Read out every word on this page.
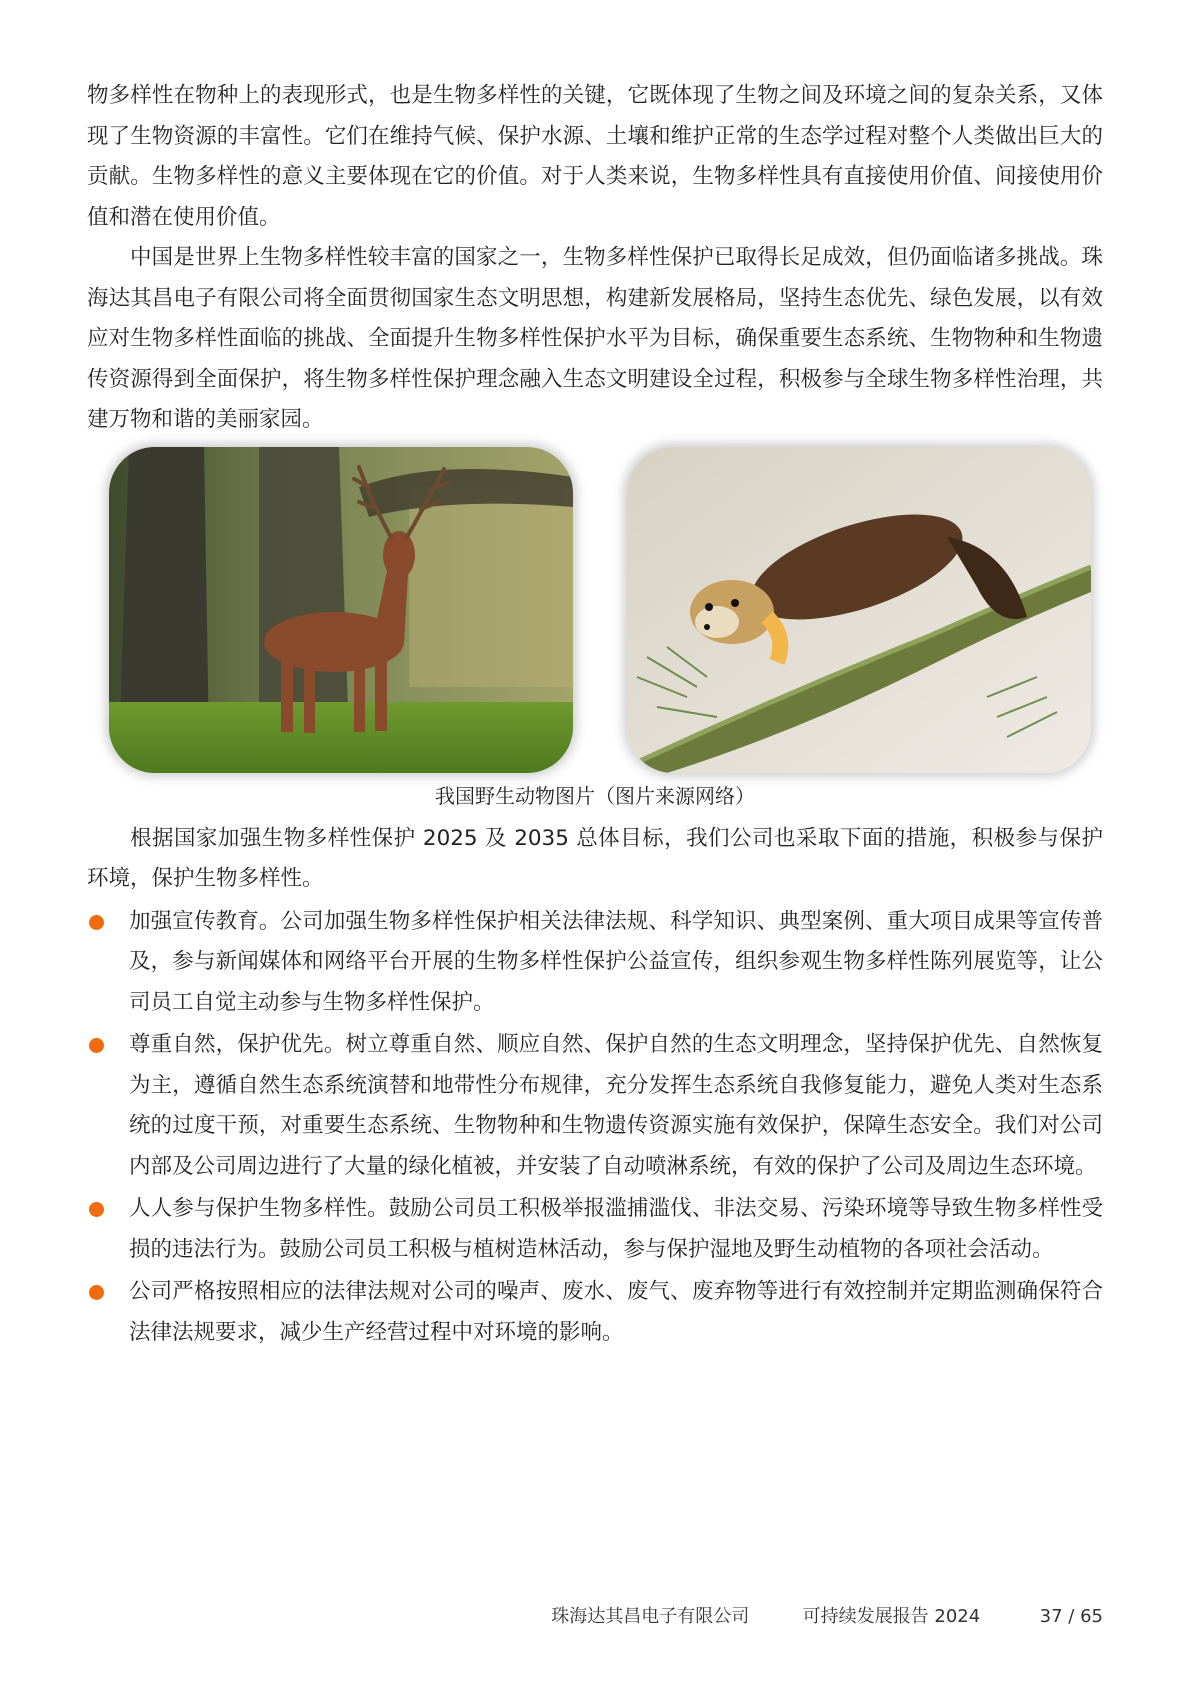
物多样性在物种上的表现形式，也是生物多样性的关键，它既体现了生物之间及环境之间的复杂关系，又体现了生物资源的丰富性。它们在维持气候、保护水源、土壤和维护正常的生态学过程对整个人类做出巨大的贡献。生物多样性的意义主要体现在它的价值。对于人类来说，生物多样性具有直接使用价值、间接使用价值和潜在使用价值。

中国是世界上生物多样性较丰富的国家之一，生物多样性保护已取得长足成效，但仍面临诸多挑战。珠海达其昌电子有限公司将全面贯彻国家生态文明思想，构建新发展格局，坚持生态优先、绿色发展，以有效应对生物多样性面临的挑战、全面提升生物多样性保护水平为目标，确保重要生态系统、生物物种和生物遗传资源得到全面保护，将生物多样性保护理念融入生态文明建设全过程，积极参与全球生物多样性治理，共建万物和谐的美丽家园。

我国野生动物图片（图片来源网络）

根据国家加强生物多样性保护 2025 及 2035 总体目标，我们公司也采取下面的措施，积极参与保护环境，保护生物多样性。

加强宣传教育。公司加强生物多样性保护相关法律法规、科学知识、典型案例、重大项目成果等宣传普及，参与新闻媒体和网络平台开展的生物多样性保护公益宣传，组织参观生物多样性陈列展览等，让公司员工自觉主动参与生物多样性保护。
尊重自然，保护优先。树立尊重自然、顺应自然、保护自然的生态文明理念，坚持保护优先、自然恢复为主，遵循自然生态系统演替和地带性分布规律，充分发挥生态系统自我修复能力，避免人类对生态系统的过度干预，对重要生态系统、生物物种和生物遗传资源实施有效保护，保障生态安全。我们对公司内部及公司周边进行了大量的绿化植被，并安装了自动喷淋系统，有效的保护了公司及周边生态环境。
人人参与保护生物多样性。鼓励公司员工积极举报滥捕滥伐、非法交易、污染环境等导致生物多样性受损的违法行为。鼓励公司员工积极与植树造林活动，参与保护湿地及野生动植物的各项社会活动。
公司严格按照相应的法律法规对公司的噪声、废水、废气、废弃物等进行有效控制并定期监测确保符合法律法规要求，减少生产经营过程中对环境的影响。
珠海达其昌电子有限公司	可持续发展报告 2024	37 / 65
